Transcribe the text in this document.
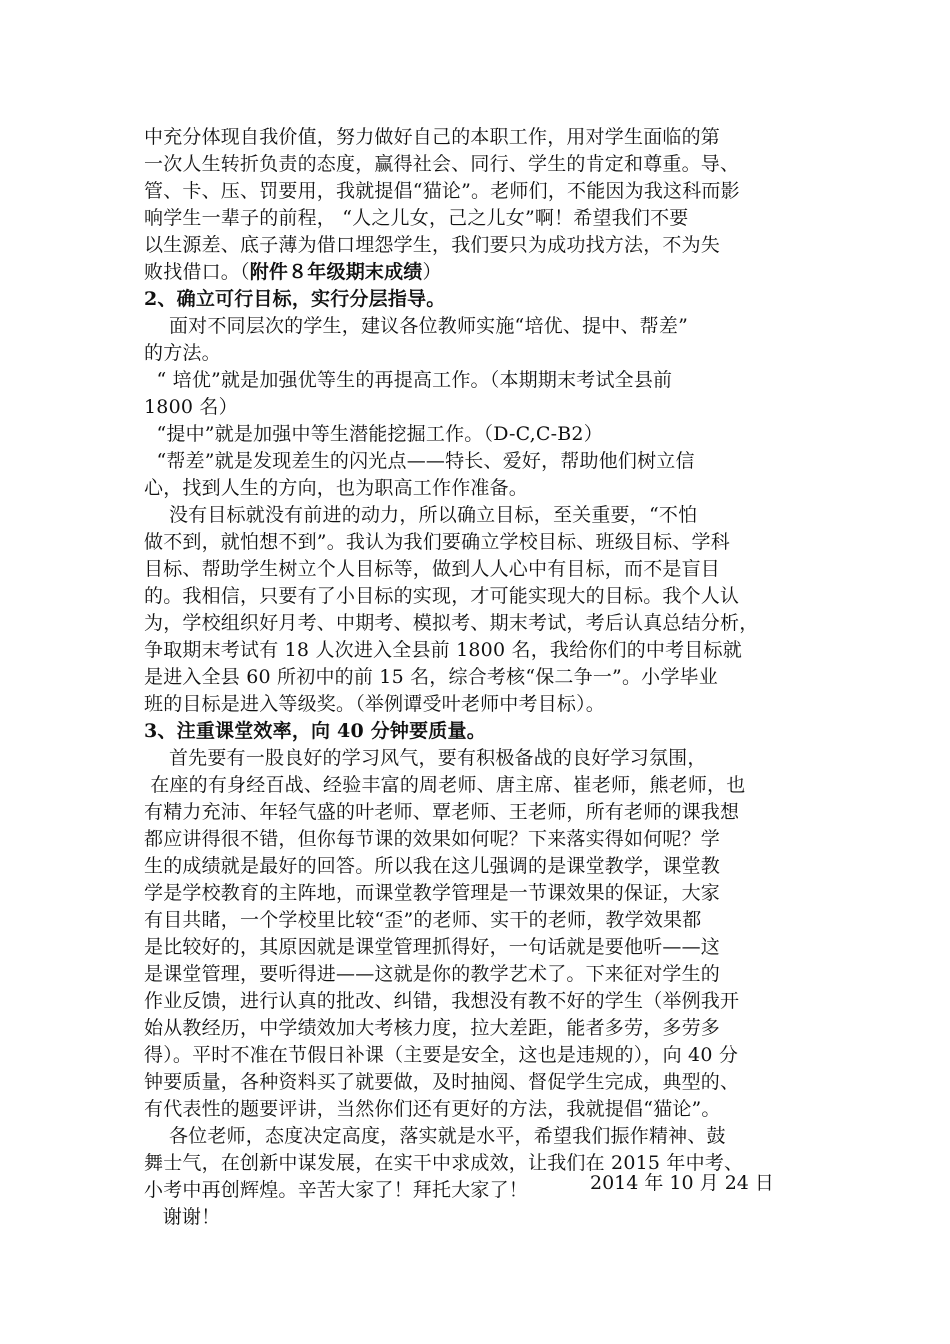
中充分体现自我价值，努力做好自己的本职工作，用对学生面临的第
一次人生转折负责的态度，赢得社会、同行、学生的肯定和尊重。导、
管、卡、压、罚要用，我就提倡“猫论”。老师们，不能因为我这科而影
响学生一辈子的前程， “人之儿女，己之儿女”啊！希望我们不要
以生源差、底子薄为借口埋怨学生，我们要只为成功找方法，不为失
败找借口。（附件８年级期末成绩）
2、确立可行目标，实行分层指导。
面对不同层次的学生，建议各位教师实施“培优、提中、帮差”
的方法。
“ 培优”就是加强优等生的再提高工作。（本期期末考试全县前
1800 名）
“提中”就是加强中等生潜能挖掘工作。（D-C,C-B2）
“帮差”就是发现差生的闪光点——特长、爱好，帮助他们树立信
心，找到人生的方向，也为职高工作作准备。
没有目标就没有前进的动力，所以确立目标，至关重要，“不怕
做不到，就怕想不到”。我认为我们要确立学校目标、班级目标、学科
目标、帮助学生树立个人目标等，做到人人心中有目标，而不是盲目
的。我相信，只要有了小目标的实现，才可能实现大的目标。我个人认
为，学校组织好月考、中期考、模拟考、期末考试，考后认真总结分析，
争取期末考试有 18 人次进入全县前 1800 名，我给你们的中考目标就
是进入全县 60 所初中的前 15 名，综合考核“保二争一”。小学毕业
班的目标是进入等级奖。（举例谭受叶老师中考目标）。
3、注重课堂效率，向 40 分钟要质量。
首先要有一股良好的学习风气，要有积极备战的良好学习氛围，
在座的有身经百战、经验丰富的周老师、唐主席、崔老师，熊老师，也
有精力充沛、年轻气盛的叶老师、覃老师、王老师，所有老师的课我想
都应讲得很不错，但你每节课的效果如何呢？下来落实得如何呢？学
生的成绩就是最好的回答。所以我在这儿强调的是课堂教学，课堂教
学是学校教育的主阵地，而课堂教学管理是一节课效果的保证，大家
有目共睹，一个学校里比较“歪”的老师、实干的老师，教学效果都
是比较好的，其原因就是课堂管理抓得好，一句话就是要他听——这
是课堂管理，要听得进——这就是你的教学艺术了。下来征对学生的
作业反馈，进行认真的批改、纠错，我想没有教不好的学生（举例我开
始从教经历，中学绩效加大考核力度，拉大差距，能者多劳，多劳多
得）。平时不准在节假日补课（主要是安全，这也是违规的），向 40 分
钟要质量，各种资料买了就要做，及时抽阅、督促学生完成，典型的、
有代表性的题要评讲，当然你们还有更好的方法，我就提倡“猫论”。
各位老师，态度决定高度，落实就是水平，希望我们振作精神、鼓
舞士气，在创新中谋发展，在实干中求成效，让我们在 2015 年中考、
小考中再创辉煌。辛苦大家了！拜托大家了！
谢谢！
2014 年 10 月 24 日
